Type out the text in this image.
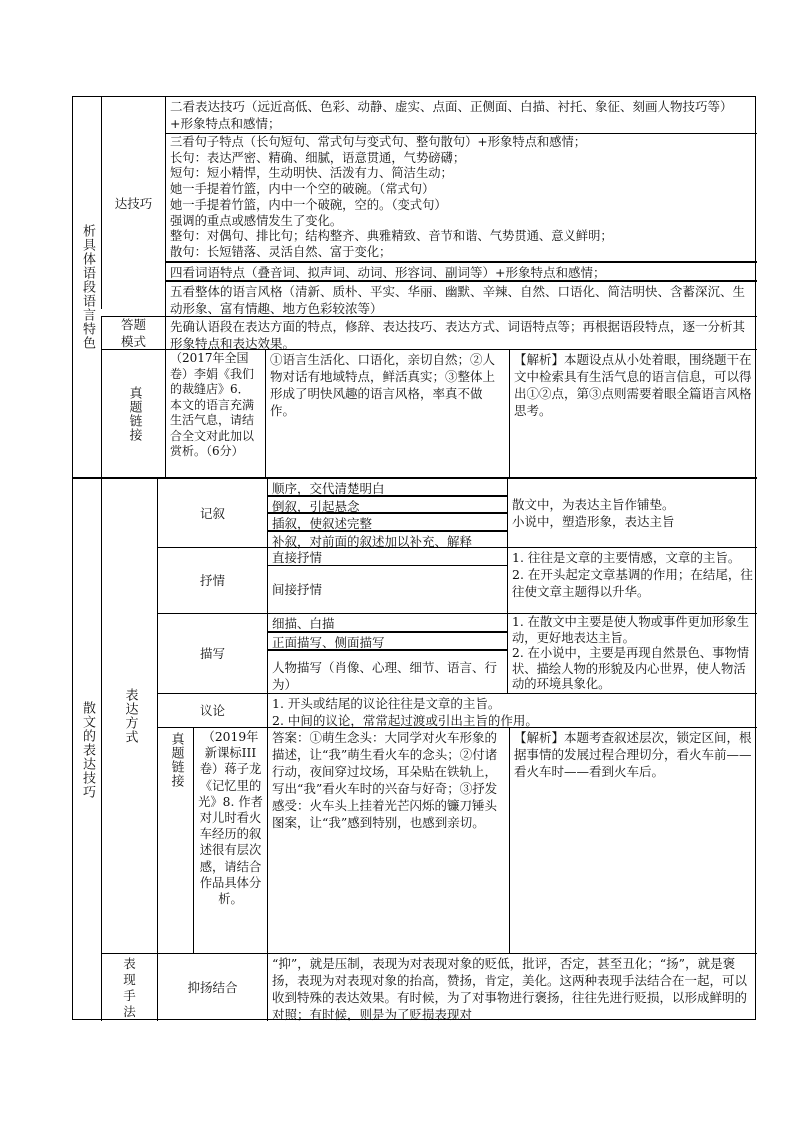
析具体语段语言特色
达技巧
二看表达技巧（远近高低、色彩、动静、虚实、点面、正侧面、白描、衬托、象征、刻画人物技巧等）+形象特点和感情；
三看句子特点（长句短句、常式句与变式句、整句散句）+形象特点和感情；
长句：表达严密、精确、细腻，语意贯通，气势磅礴；
短句：短小精悍，生动明快、活泼有力、简洁生动；
她一手提着竹篮，内中一个空的破碗。（常式句）
她一手提着竹篮，内中一个破碗，空的。（变式句）
强调的重点或感情发生了变化。
整句：对偶句、排比句；结构整齐、典雅精致、音节和谐、气势贯通、意义鲜明；
散句：长短错落、灵活自然、富于变化；
四看词语特点（叠音词、拟声词、动词、形容词、副词等）+形象特点和感情；
五看整体的语言风格（清新、质朴、平实、华丽、幽默、辛辣、自然、口语化、简洁明快、含蓄深沉、生动形象、富有情趣、地方色彩较浓等）
答题模式
先确认语段在表达方面的特点，修辞、表达技巧、表达方式、词语特点等；再根据语段特点，逐一分析其形象特点和表达效果。
真题链接
（2017年全国卷）李娟《我们的裁缝店》6．本文的语言充满生活气息，请结合全文对此加以赏析。（6分）
①语言生活化、口语化，亲切自然；②人物对话有地域特点，鲜活真实；③整体上形成了明快风趣的语言风格，率真不做作。
【解析】本题设点从小处着眼，围绕题干在文中检索具有生活气息的语言信息，可以得出①②点，第③点则需要着眼全篇语言风格思考。
散文的表达技巧 表达方式
记叙
顺序，交代清楚明白
倒叙，引起悬念
插叙，使叙述完整
补叙，对前面的叙述加以补充、解释
散文中，为表达主旨作铺垫。
小说中，塑造形象，表达主旨
抒情
直接抒情
间接抒情
1. 往往是文章的主要情感，文章的主旨。
2. 在开头起定文章基调的作用；在结尾，往往使文章主题得以升华。
描写
细描、白描
正面描写、侧面描写
人物描写（肖像、心理、细节、语言、行为）
1. 在散文中主要是使人物或事件更加形象生动，更好地表达主旨。
2. 在小说中，主要是再现自然景色、事物情状、描绘人物的形貌及内心世界，使人物活动的环境具象化。
议论	1. 开头或结尾的议论往往是文章的主旨。
2. 中间的议论，常常起过渡或引出主旨的作用。
真题链接	（2019年新课标III卷）蒋子龙《记忆里的光》8. 作者对儿时看火车经历的叙述很有层次感，请结合作品具体分析。
答案：①萌生念头：大同学对火车形象的描述，让“我”萌生看火车的念头；②付诸行动，夜间穿过坟场，耳朵贴在铁轨上，写出“我”看火车时的兴奋与好奇；③抒发感受：火车头上挂着光芒闪烁的镰刀锤头图案，让“我”感到特别，也感到亲切。
【解析】本题考查叙述层次，锁定区间，根据事情的发展过程合理切分，看火车前——看火车时——看到火车后。
表现手法
抑扬结合
“抑”，就是压制，表现为对表现对象的贬低，批评，否定，甚至丑化；“扬”，就是褒扬，表现为对表现对象的抬高，赞扬，肯定，美化。这两种表现手法结合在一起，可以收到特殊的表达效果。有时候，为了对事物进行褒扬，往往先进行贬损，以形成鲜明的对照；有时候，则是为了贬损表现对
